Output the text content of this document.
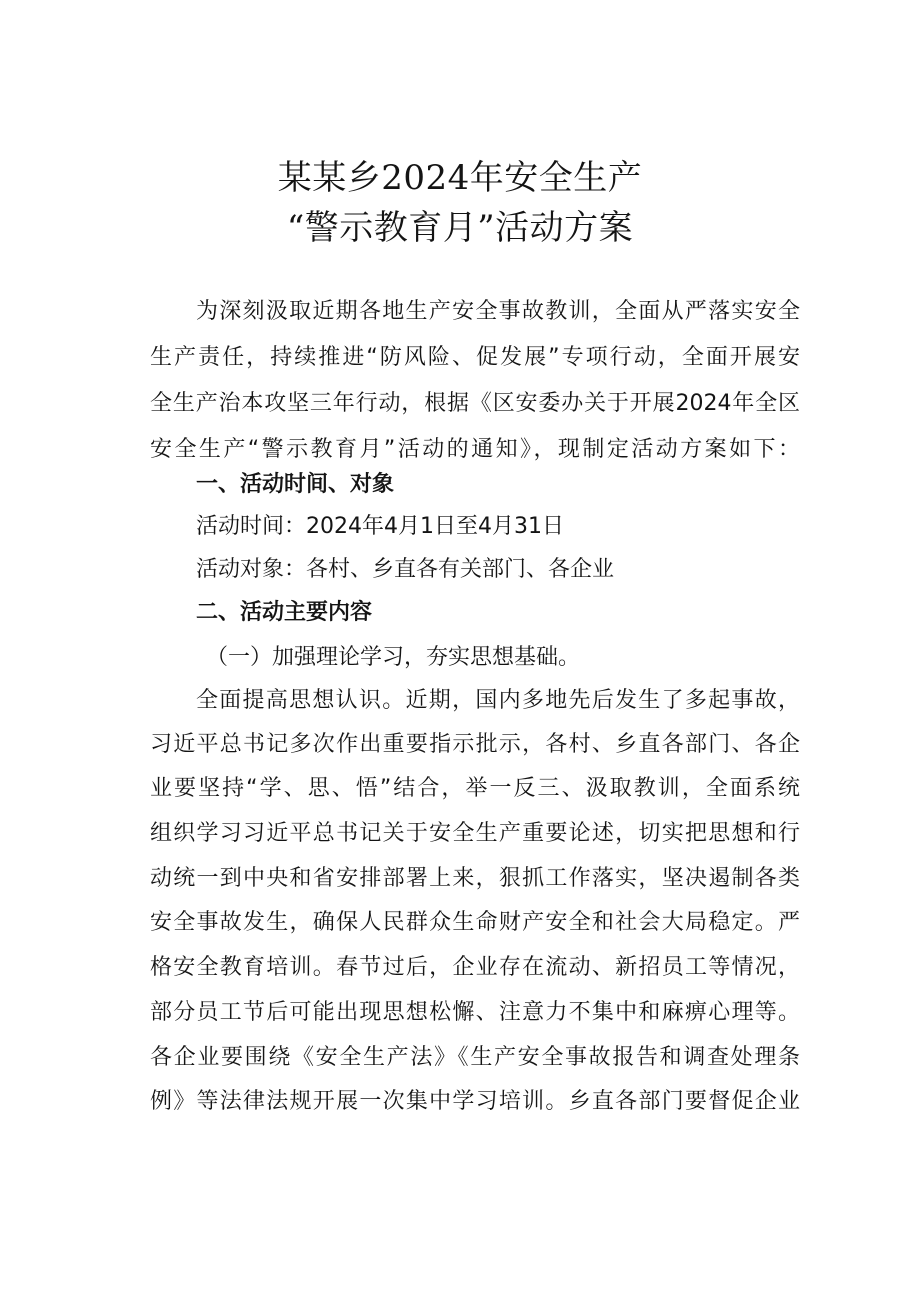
某某乡2024年安全生产
“警示教育月”活动方案
为深刻汲取近期各地生产安全事故教训，全面从严落实安全
生产责任，持续推进“防风险、促发展”专项行动，全面开展安
全生产治本攻坚三年行动，根据《区安委办关于开展2024年全区
安全生产“警示教育月”活动的通知》，现制定活动方案如下：
一、活动时间、对象
活动时间：2024年4月1日至4月31日
活动对象：各村、乡直各有关部门、各企业
二、活动主要内容
（一）加强理论学习，夯实思想基础。
全面提高思想认识。近期，国内多地先后发生了多起事故，
习近平总书记多次作出重要指示批示，各村、乡直各部门、各企
业要坚持“学、思、悟”结合，举一反三、汲取教训，全面系统
组织学习习近平总书记关于安全生产重要论述，切实把思想和行
动统一到中央和省安排部署上来，狠抓工作落实，坚决遏制各类
安全事故发生，确保人民群众生命财产安全和社会大局稳定。严
格安全教育培训。春节过后，企业存在流动、新招员工等情况，
部分员工节后可能出现思想松懈、注意力不集中和麻痹心理等。
各企业要围绕《安全生产法》《生产安全事故报告和调查处理条
例》等法律法规开展一次集中学习培训。乡直各部门要督促企业
